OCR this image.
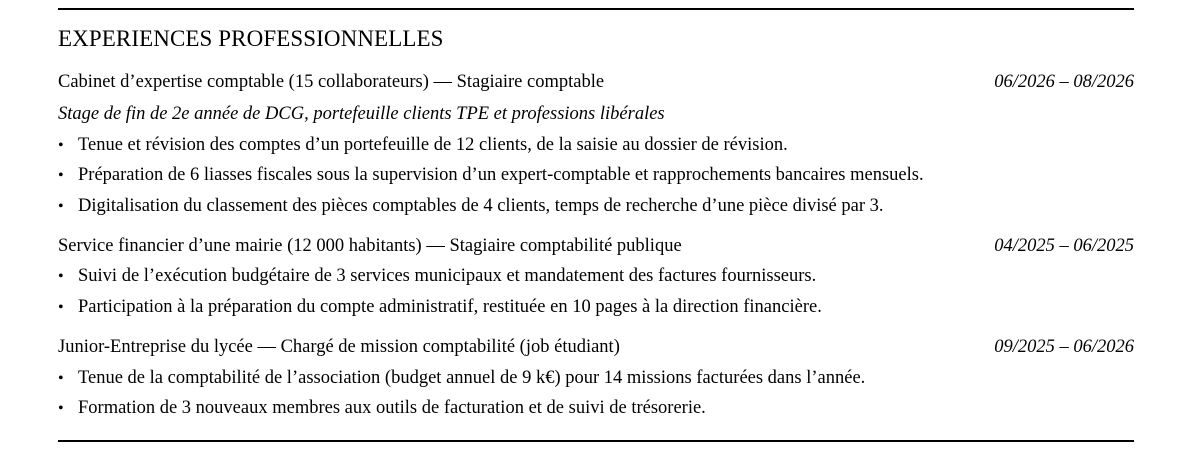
EXPERIENCES PROFESSIONNELLES
Cabinet d’expertise comptable (15 collaborateurs) — Stagiaire comptable	06/2026 – 08/2026
Stage de fin de 2e année de DCG, portefeuille clients TPE et professions libérales
• Tenue et révision des comptes d’un portefeuille de 12 clients, de la saisie au dossier de révision.
• Préparation de 6 liasses fiscales sous la supervision d’un expert-comptable et rapprochements bancaires mensuels.
• Digitalisation du classement des pièces comptables de 4 clients, temps de recherche d’une pièce divisé par 3.
Service financier d’une mairie (12 000 habitants) — Stagiaire comptabilité publique	04/2025 – 06/2025
• Suivi de l’exécution budgétaire de 3 services municipaux et mandatement des factures fournisseurs.
• Participation à la préparation du compte administratif, restituée en 10 pages à la direction financière.
Junior-Entreprise du lycée — Chargé de mission comptabilité (job étudiant)	09/2025 – 06/2026
• Tenue de la comptabilité de l’association (budget annuel de 9 k€) pour 14 missions facturées dans l’année.
• Formation de 3 nouveaux membres aux outils de facturation et de suivi de trésorerie.
